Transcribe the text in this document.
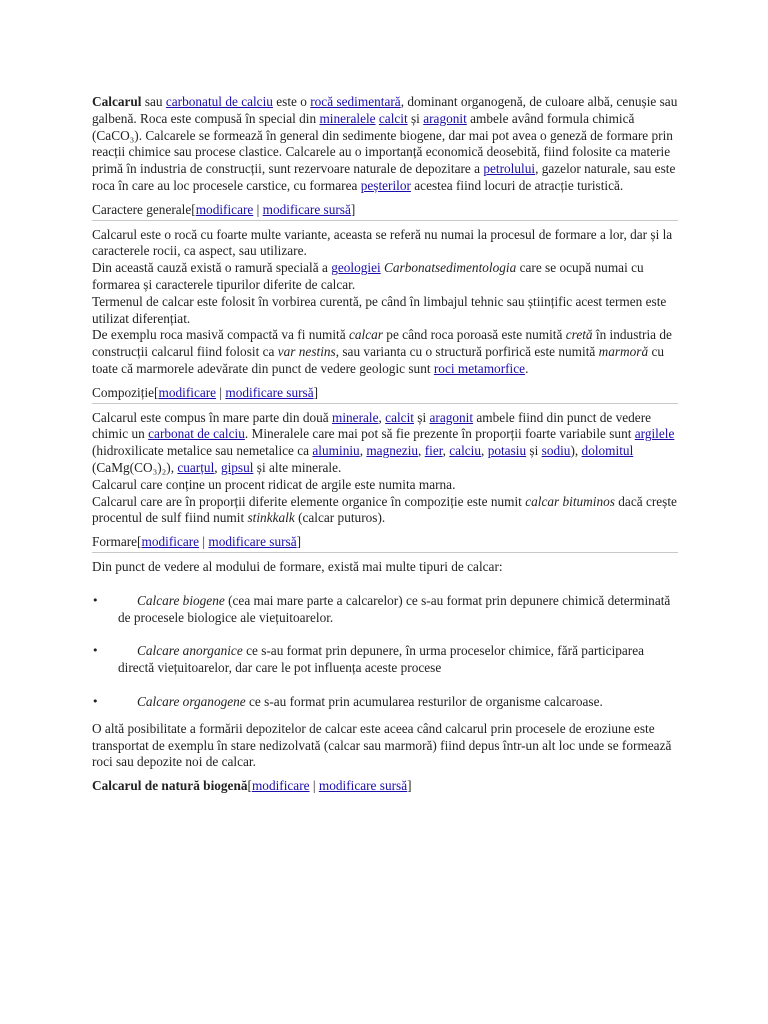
Calcarul sau carbonatul de calciu este o rocă sedimentară, dominant organogenă, de culoare albă, cenușie sau galbenă. Roca este compusă în special din mineralele calcit și aragonit ambele având formula chimică (CaCO₃). Calcarele se formează în general din sedimente biogene, dar mai pot avea o geneză de formare prin reacții chimice sau procese clastice. Calcarele au o importanță economică deosebită, fiind folosite ca materie primă în industria de construcții, sunt rezervoare naturale de depozitare a petrolului, gazelor naturale, sau este roca în care au loc procesele carstice, cu formarea peșterilor acestea fiind locuri de atracție turistică.

Caractere generale[modificare | modificare sursă]

Calcarul este o rocă cu foarte multe variante, aceasta se referă nu numai la procesul de formare a lor, dar și la caracterele rocii, ca aspect, sau utilizare.

Din această cauză există o ramură specială a geologiei Carbonatsedimentologia care se ocupă numai cu formarea și caracterele tipurilor diferite de calcar.

Termenul de calcar este folosit în vorbirea curentă, pe când în limbajul tehnic sau științific acest termen este utilizat diferențiat.

De exemplu roca masivă compactă va fi numită calcar pe când roca poroasă este numită cretă în industria de construcții calcarul fiind folosit ca var nestins, sau varianta cu o structură porfirică este numită marmoră cu toate că marmorele adevărate din punct de vedere geologic sunt roci metamorfice.

Compoziție[modificare | modificare sursă]

Calcarul este compus în mare parte din două minerale, calcit și aragonit ambele fiind din punct de vedere chimic un carbonat de calciu. Mineralele care mai pot să fie prezente în proporții foarte variabile sunt argilele (hidroxilicate metalice sau nemetalice ca aluminiu, magneziu, fier, calciu, potasiu și sodiu), dolomitul (CaMg(CO₃)₂), cuarțul, gipsul și alte minerale.

Calcarul care conține un procent ridicat de argile este numita marna.

Calcarul care are în proporții diferite elemente organice în compoziție este numit calcar bituminos dacă crește procentul de sulf fiind numit stinkkalk (calcar puturos).

Formare[modificare | modificare sursă]

Din punct de vedere al modului de formare, există mai multe tipuri de calcar:

•	Calcare biogene (cea mai mare parte a calcarelor) ce s-au format prin depunere chimică determinată de procesele biologice ale viețuitoarelor.
•	Calcare anorganice ce s-au format prin depunere, în urma proceselor chimice, fără participarea directă viețuitoarelor, dar care le pot influența aceste procese
•	Calcare organogene ce s-au format prin acumularea resturilor de organisme calcaroase.

O altă posibilitate a formării depozitelor de calcar este aceea când calcarul prin procesele de eroziune este transportat de exemplu în stare nedizolvată (calcar sau marmoră) fiind depus într-un alt loc unde se formează roci sau depozite noi de calcar.

Calcarul de natură biogenă[modificare | modificare sursă]
